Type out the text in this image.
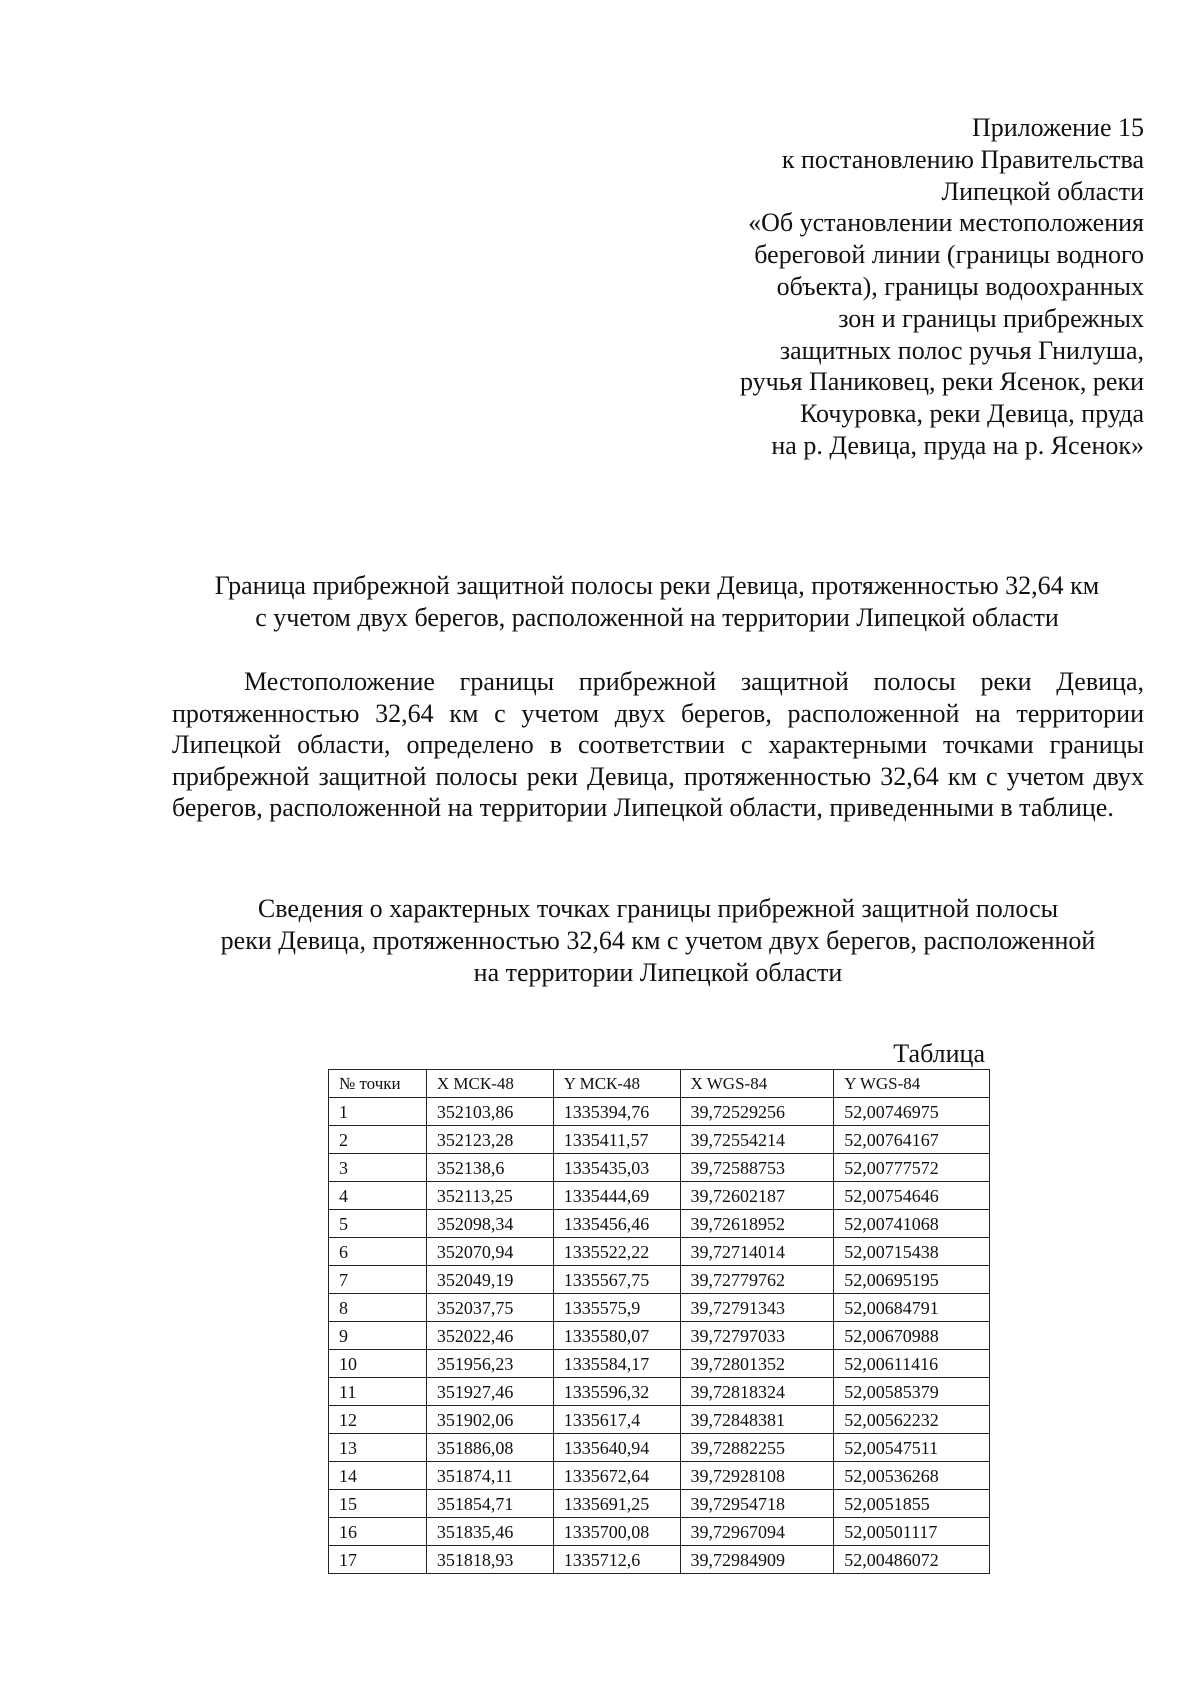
Приложение 15
к постановлению Правительства
Липецкой области
«Об установлении местоположения
береговой линии (границы водного
объекта), границы водоохранных
зон и границы прибрежных
защитных полос ручья Гнилуша,
ручья Паниковец, реки Ясенок, реки
Кочуровка, реки Девица, пруда
на р. Девица, пруда на р. Ясенок»
Граница прибрежной защитной полосы реки Девица, протяженностью 32,64 км
с учетом двух берегов, расположенной на территории Липецкой области

Местоположение границы прибрежной защитной полосы реки Девица, протяженностью 32,64 км с учетом двух берегов, расположенной на территории Липецкой области, определено в соответствии с характерными точками границы прибрежной защитной полосы реки Девица, протяженностью 32,64 км с учетом двух берегов, расположенной на территории Липецкой области, приведенными в таблице.

Сведения о характерных точках границы прибрежной защитной полосы
реки Девица, протяженностью 32,64 км с учетом двух берегов, расположенной
на территории Липецкой области
Таблица
№ точки	X МСК-48	Y МСК-48	X WGS-84	Y WGS-84
1	352103,86	1335394,76	39,72529256	52,00746975
2	352123,28	1335411,57	39,72554214	52,00764167
3	352138,6	1335435,03	39,72588753	52,00777572
4	352113,25	1335444,69	39,72602187	52,00754646
5	352098,34	1335456,46	39,72618952	52,00741068
6	352070,94	1335522,22	39,72714014	52,00715438
7	352049,19	1335567,75	39,72779762	52,00695195
8	352037,75	1335575,9	39,72791343	52,00684791
9	352022,46	1335580,07	39,72797033	52,00670988
10	351956,23	1335584,17	39,72801352	52,00611416
11	351927,46	1335596,32	39,72818324	52,00585379
12	351902,06	1335617,4	39,72848381	52,00562232
13	351886,08	1335640,94	39,72882255	52,00547511
14	351874,11	1335672,64	39,72928108	52,00536268
15	351854,71	1335691,25	39,72954718	52,0051855
16	351835,46	1335700,08	39,72967094	52,00501117
17	351818,93	1335712,6	39,72984909	52,00486072
